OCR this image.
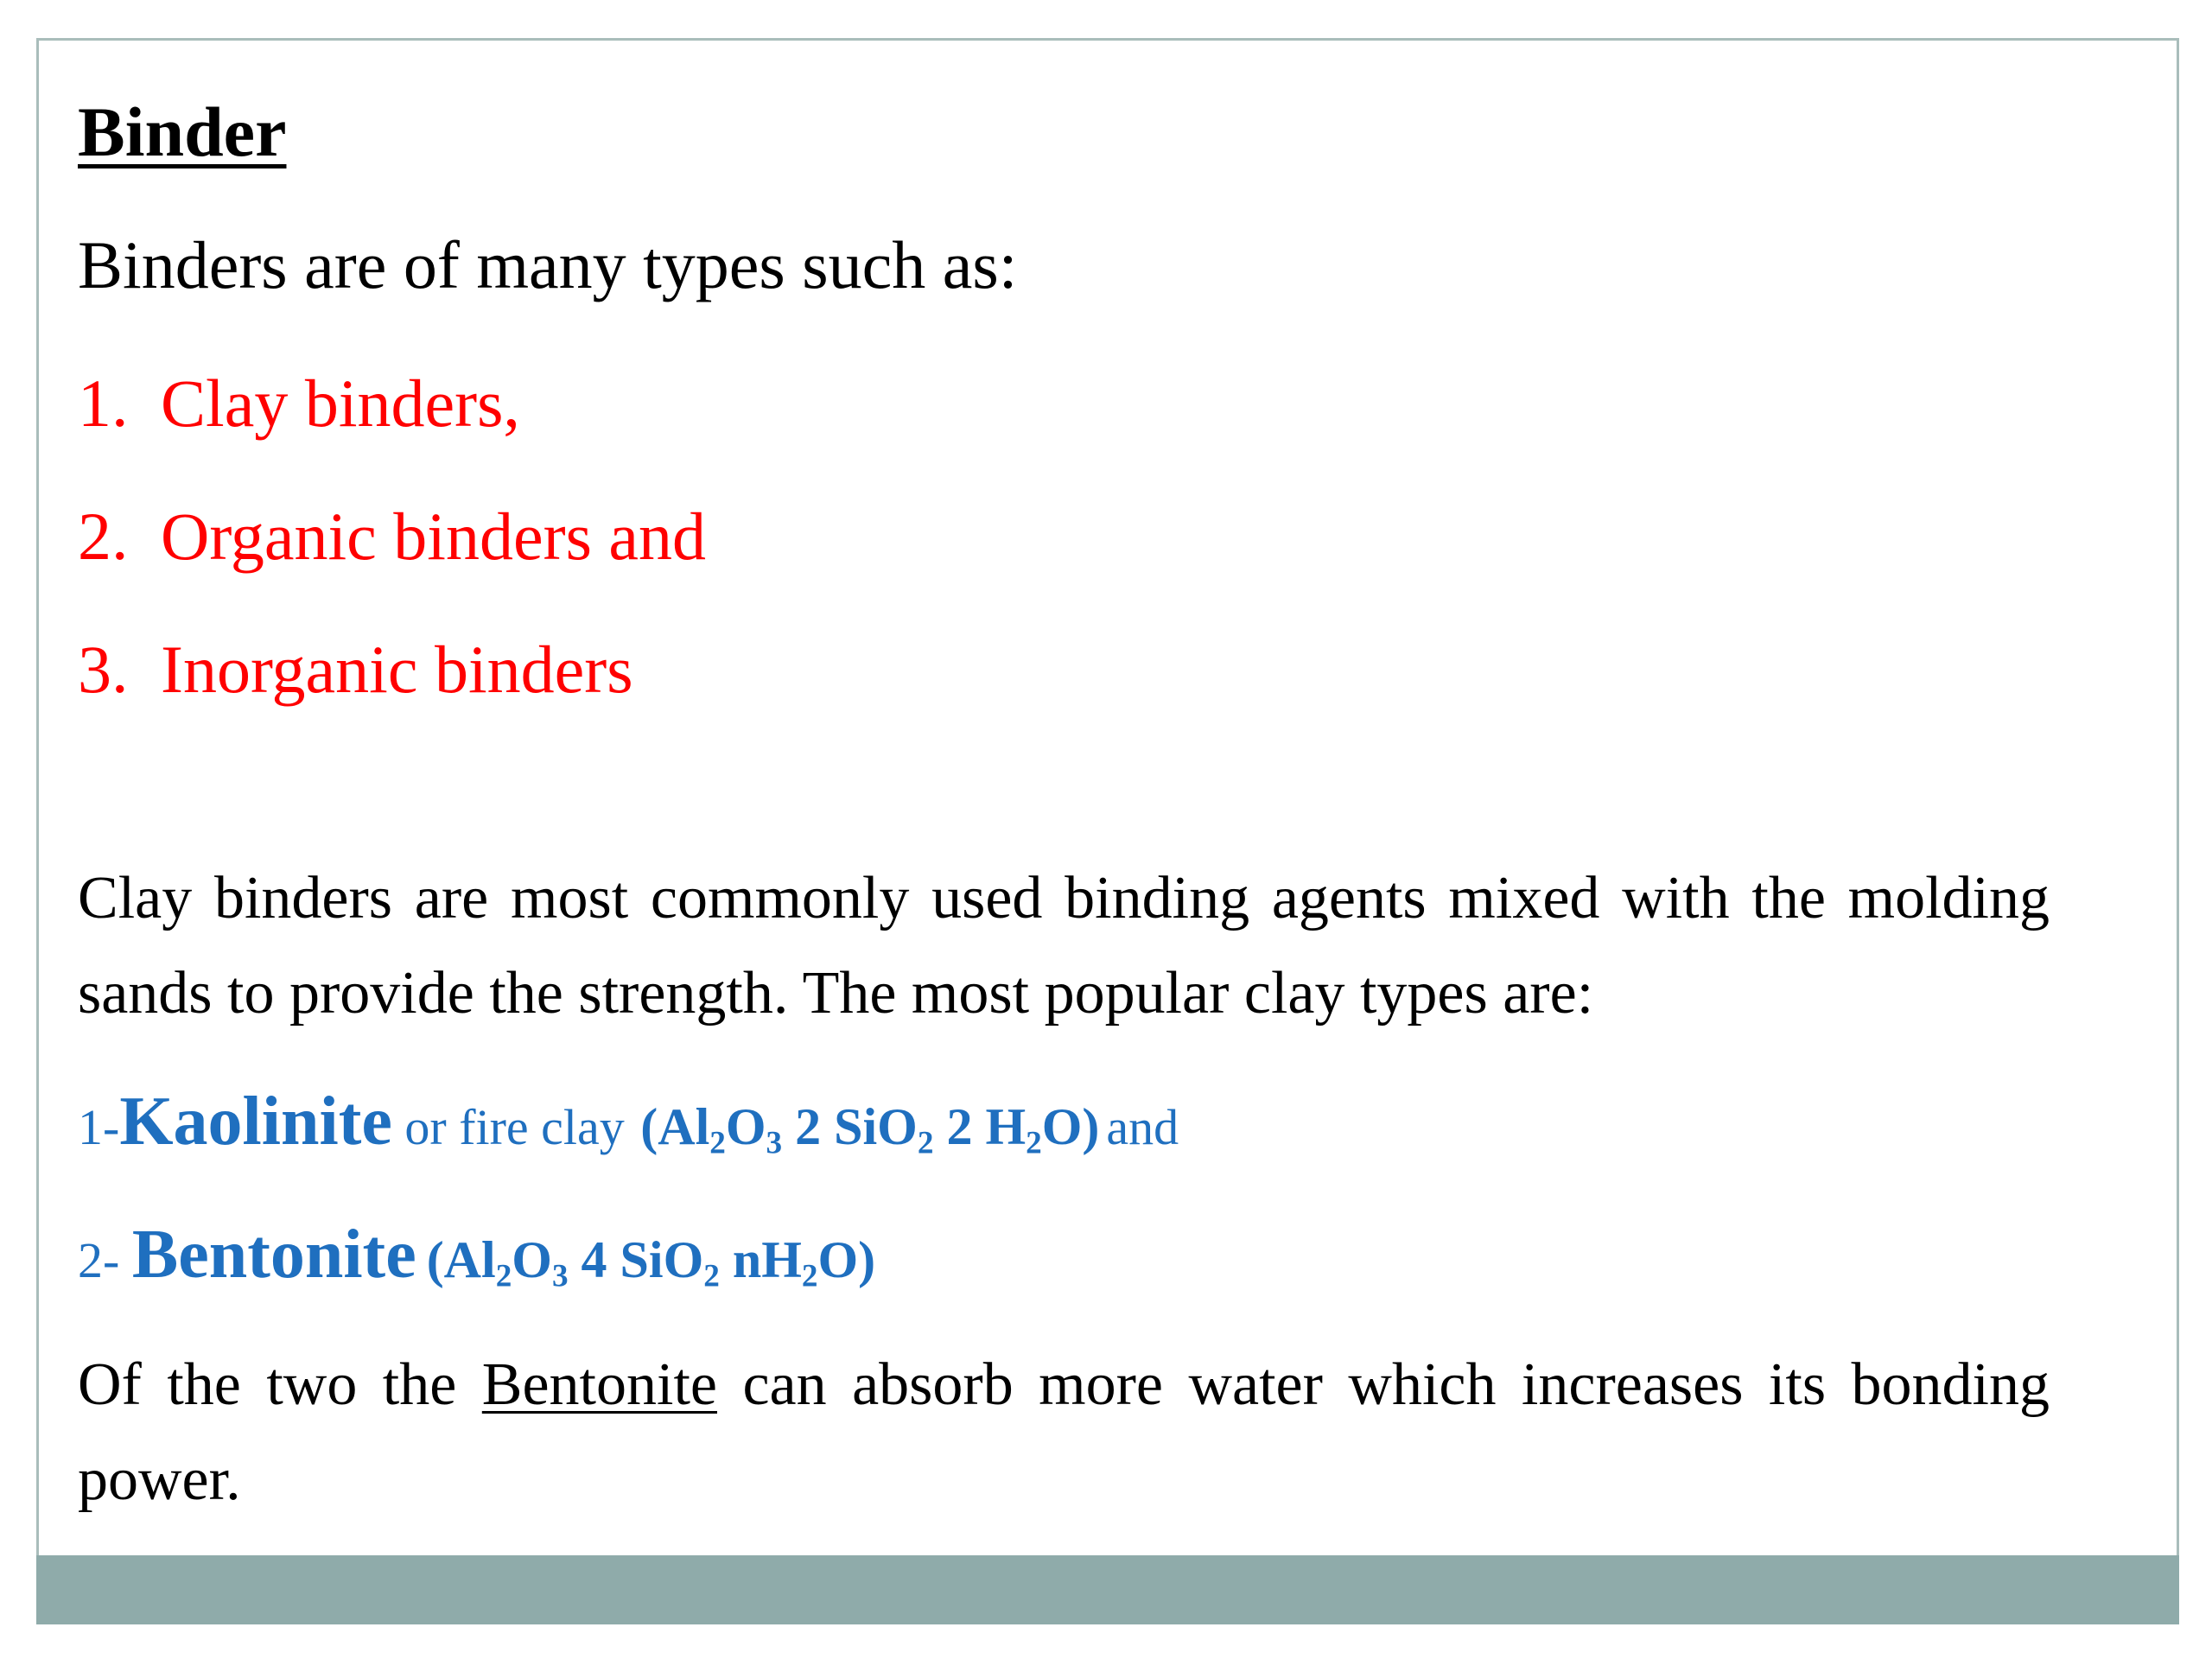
Binder
Binders are of many types such as:
1. Clay binders,
2. Organic binders and
3. Inorganic binders
Clay binders are most commonly used binding agents mixed with the molding sands to provide the strength. The most popular clay types are:
1-Kaolinite or fire clay  ($Al_2O_3$ 2 SiO$_2$ 2 $H_2O$) and
2- Bentonite ($Al_2O_3$ 4 SiO$_2$ $nH_2O$)
Of the two the Bentonite can absorb more water which increases its bonding power.
